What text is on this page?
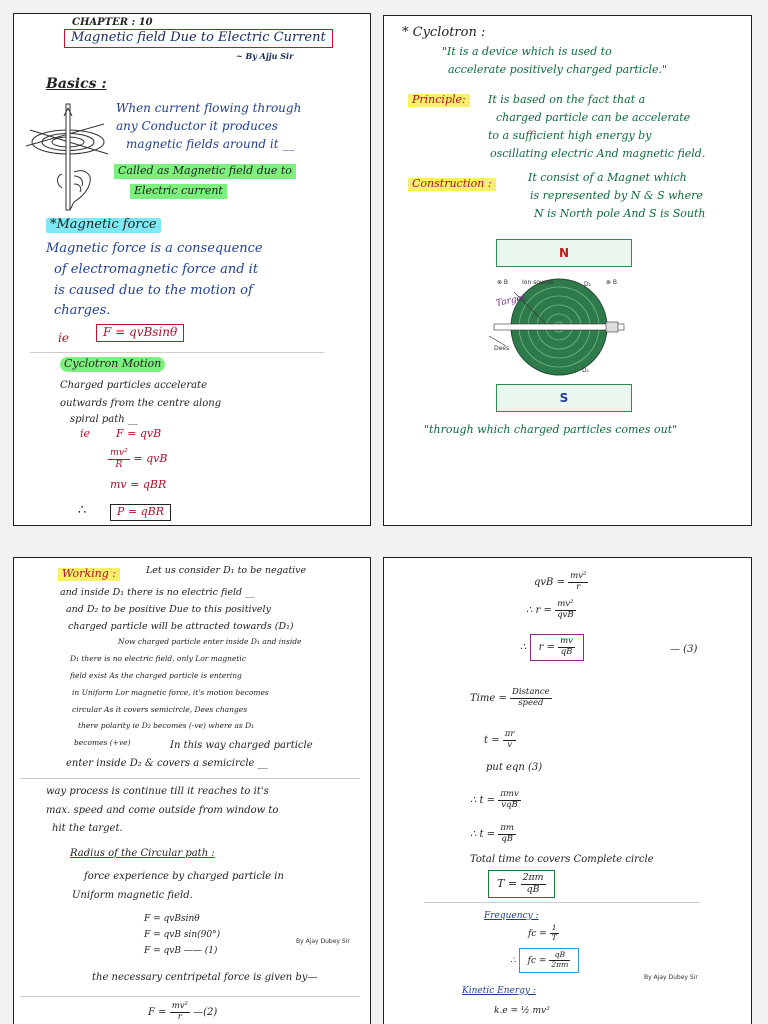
CHAPTER : 10
Magnetic field Due to Electric Current
~ By Ajju Sir
Basics :
When current flowing through
any Conductor it produces
magnetic fields around it __
Called as Magnetic field due to
Electric current
*Magnetic force
Magnetic force is a consequence
of electromagnetic force and it
is caused due to the motion of
charges.
ie	F = qvBsinθ
Cyclotron Motion
Charged particles accelerate
outwards from the centre along
spiral path __
ie F = qvB
$\frac{\text{mv²}}{R}$ = qvB
mv = qBR
∴	P = qBR
* Cyclotron :
"It is a device which is used to
accelerate positively charged particle."
Principle:	It is based on the fact that a
charged particle can be accelerate
to a sufficient high energy by
oscillating electric And magnetic field.
Construction :	It consist of a Magnet which
is represented by N & S where
N is North pole And S is South
N
⊗ B Ion source	D₂ ⊗ B
Target
Dees
D₁
S
"through which charged particles comes out"
Working :	Let us consider D₁ to be negative
and inside D₁ there is no electric field __
and D₂ to be positive Due to this positively
charged particle will be attracted towards (D₁)
Now charged particle enter inside D₁ and inside
D₁ there is no electric field, only Lor magnetic
field exist As the charged particle is entering
in Uniform Lor magnetic force, it's motion becomes
circular As it covers semicircle, Dees changes
there polarity ie D₂ becomes (-ve) where as D₁
becomes (+ve)	In this way charged particle
enter inside D₂ & covers a semicircle __
way process is continue till it reaches to it's
max. speed and come outside from window to
hit the target.
Radius of the Circular path :
force experience by charged particle in
Uniform magnetic field.
F = qvBsinθ
F = qvB sin(90°)
F = qvB —— (1)
By Ajay Dubey Sir
the necessary centripetal force is given by—
$F = \frac{\text{mv²}}{r}$ —(2)
qvB = $\frac{\text{mv²}}{r}$
∴ $r = \frac{\text{mv²}}{\text{qvB}}$
∴ $r = \frac{mv}{qB}$	— (3)
Time = $\frac{\text{Distance}}{\text{speed}}$
$t = \frac{\pi r}{v}$
put eqn (3)
∴ $t = \frac{\text{πmv}}{\text{vqB}}$
∴ $t = \frac{\pi m}{qB}$
Total time to covers Complete circle
$T = \frac{2\pi m}{qB}$
Frequency :
fc = $\frac{1}{T}$
∴ fc = $\frac{qB}{2\pi m}$
By Ajay Dubey Sir
Kinetic Energy :
k.e = ½ mv²
